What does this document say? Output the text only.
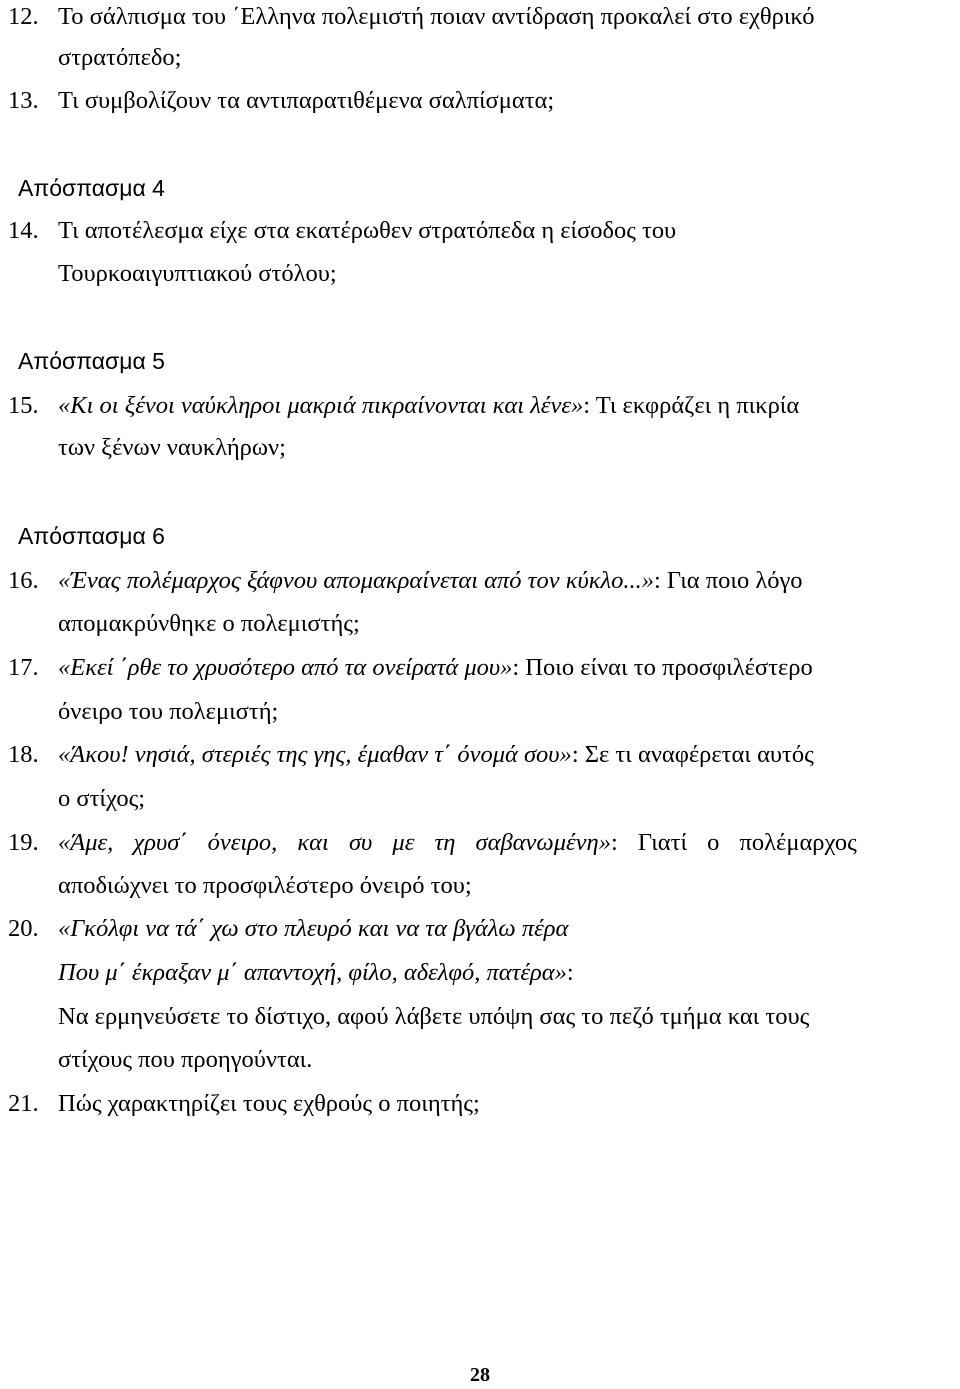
12. Το σάλπισμα του ΄Ελληνα πολεμιστή ποιαν αντίδραση προκαλεί στο εχθρικό
στρατόπεδο;
13. Τι συμβολίζουν τα αντιπαρατιθέμενα σαλπίσματα;
Απόσπασμα 4
14. Τι αποτέλεσμα είχε στα εκατέρωθεν στρατόπεδα η είσοδος του
Τουρκοαιγυπτιακού στόλου;
Απόσπασμα 5
15. «Κι οι ξένοι ναύκληροι μακριά πικραίνονται και λένε»: Τι εκφράζει η πικρία
των ξένων ναυκλήρων;
Απόσπασμα 6
16. «Ένας πολέμαρχος ξάφνου απομακραίνεται από τον κύκλο...»: Για ποιο λόγο
απομακρύνθηκε ο πολεμιστής;
17. «Εκεί ΄ρθε το χρυσότερο από τα ονείρατά μου»: Ποιο είναι το προσφιλέστερο
όνειρο του πολεμιστή;
18. «Άκου! νησιά, στεριές της γης, έμαθαν τ΄ όνομά σου»: Σε τι αναφέρεται αυτός
ο στίχος;
19. «Άμε, χρυσ΄ όνειρο, και συ με τη σαβανωμένη»: Γιατί ο πολέμαρχος
αποδιώχνει το προσφιλέστερο όνειρό του;
20. «Γκόλφι να τά΄ χω στο πλευρό και να τα βγάλω πέρα
Που μ΄ έκραξαν μ΄ απαντοχή, φίλο, αδελφό, πατέρα»:
Να ερμηνεύσετε το δίστιχο, αφού λάβετε υπόψη σας το πεζό τμήμα και τους
στίχους που προηγούνται.
21. Πώς χαρακτηρίζει τους εχθρούς ο ποιητής;
28
